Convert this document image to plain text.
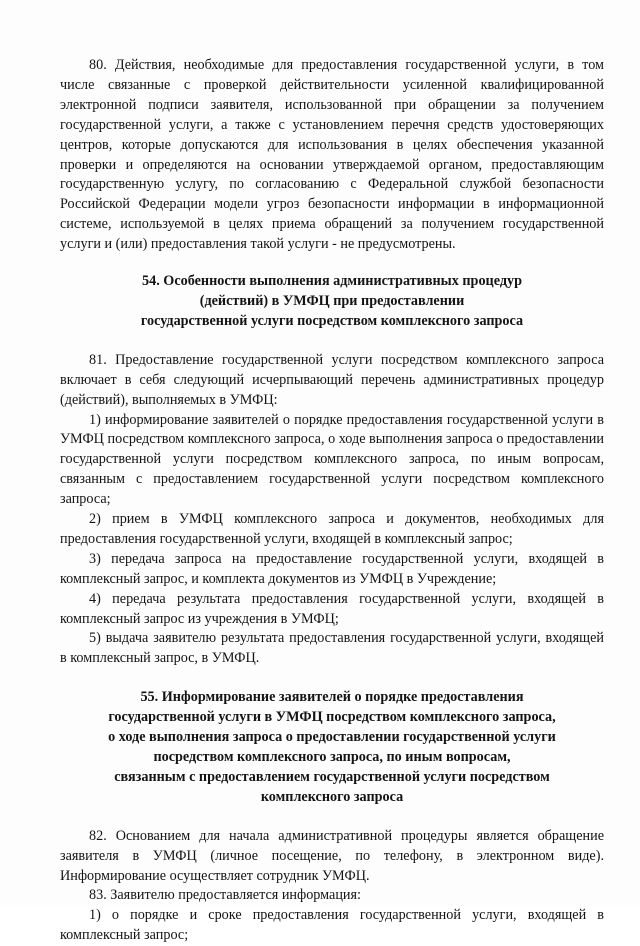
80. Действия, необходимые для предоставления государственной услуги, в том числе связанные с проверкой действительности усиленной квалифицированной электронной подписи заявителя, использованной при обращении за получением государственной услуги, а также с установлением перечня средств удостоверяющих центров, которые допускаются для использования в целях обеспечения указанной проверки и определяются на основании утверждаемой органом, предоставляющим государственную услугу, по согласованию с Федеральной службой безопасности Российской Федерации модели угроз безопасности информации в информационной системе, используемой в целях приема обращений за получением государственной услуги и (или) предоставления такой услуги - не предусмотрены.

54. Особенности выполнения административных процедур
(действий) в УМФЦ при предоставлении
государственной услуги посредством комплексного запроса

81. Предоставление государственной услуги посредством комплексного запроса включает в себя следующий исчерпывающий перечень административных процедур (действий), выполняемых в УМФЦ:

1) информирование заявителей о порядке предоставления государственной услуги в УМФЦ посредством комплексного запроса, о ходе выполнения запроса о предоставлении государственной услуги посредством комплексного запроса, по иным вопросам, связанным с предоставлением государственной услуги посредством комплексного запроса;

2) прием в УМФЦ комплексного запроса и документов, необходимых для предоставления государственной услуги, входящей в комплексный запрос;

3) передача запроса на предоставление государственной услуги, входящей в комплексный запрос, и комплекта документов из УМФЦ в Учреждение;

4) передача результата предоставления государственной услуги, входящей в комплексный запрос из учреждения в УМФЦ;

5) выдача заявителю результата предоставления государственной услуги, входящей в комплексный запрос, в УМФЦ.

55. Информирование заявителей о порядке предоставления
государственной услуги в УМФЦ посредством комплексного запроса,
о ходе выполнения запроса о предоставлении государственной услуги
посредством комплексного запроса, по иным вопросам,
связанным с предоставлением государственной услуги посредством
комплексного запроса

82. Основанием для начала административной процедуры является обращение заявителя в УМФЦ (личное посещение, по телефону, в электронном виде). Информирование осуществляет сотрудник УМФЦ.

83. Заявителю предоставляется информация:

1) о порядке и сроке предоставления государственной услуги, входящей в комплексный запрос;
